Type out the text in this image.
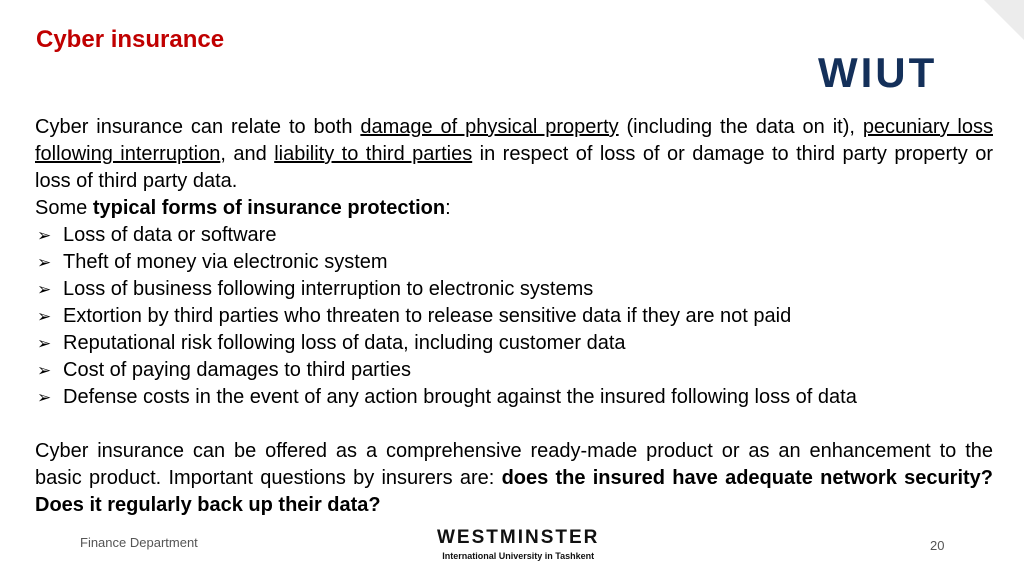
Cyber insurance
WIUT
Cyber insurance can relate to both damage of physical property (including the data on it), pecuniary loss following interruption, and liability to third parties in respect of loss of or damage to third party property or loss of third party data.
Some typical forms of insurance protection:
➢ Loss of data or software
➢ Theft of money via electronic system
➢ Loss of business following interruption to electronic systems
➢ Extortion by third parties who threaten to release sensitive data if they are not paid
➢ Reputational risk following loss of data, including customer data
➢ Cost of paying damages to third parties
➢ Defense costs in the event of any action brought against the insured following loss of data
Cyber insurance can be offered as a comprehensive ready-made product or as an enhancement to the basic product. Important questions by insurers are: does the insured have adequate network security? Does it regularly back up their data?
Finance Department	WESTMINSTER
International University in Tashkent
20
